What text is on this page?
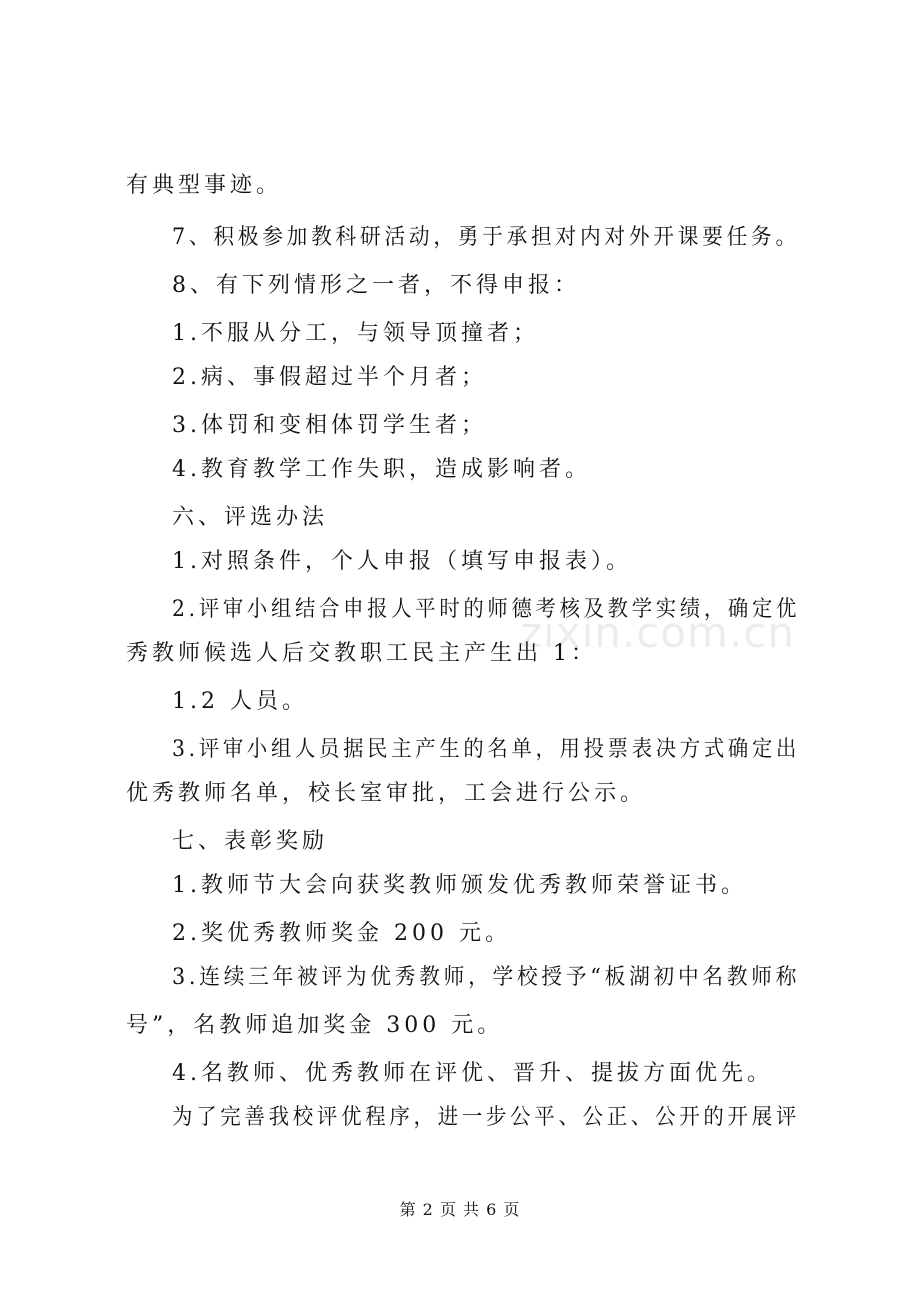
zixin.com.cn
有典型事迹。
7、积极参加教科研活动，勇于承担对内对外开课要任务。
8、有下列情形之一者，不得申报：
1.不服从分工，与领导顶撞者；
2.病、事假超过半个月者；
3.体罚和变相体罚学生者；
4.教育教学工作失职，造成影响者。
六、评选办法
1.对照条件，个人申报（填写申报表）。
2.评审小组结合申报人平时的师德考核及教学实绩，确定优
秀教师候选人后交教职工民主产生出 1：
1.2 人员。
3.评审小组人员据民主产生的名单，用投票表决方式确定出
优秀教师名单，校长室审批，工会进行公示。
七、表彰奖励
1.教师节大会向获奖教师颁发优秀教师荣誉证书。
2.奖优秀教师奖金 200 元。
3.连续三年被评为优秀教师，学校授予“板湖初中名教师称
号”，名教师追加奖金 300 元。
4.名教师、优秀教师在评优、晋升、提拔方面优先。
为了完善我校评优程序，进一步公平、公正、公开的开展评
第 2 页 共 6 页
